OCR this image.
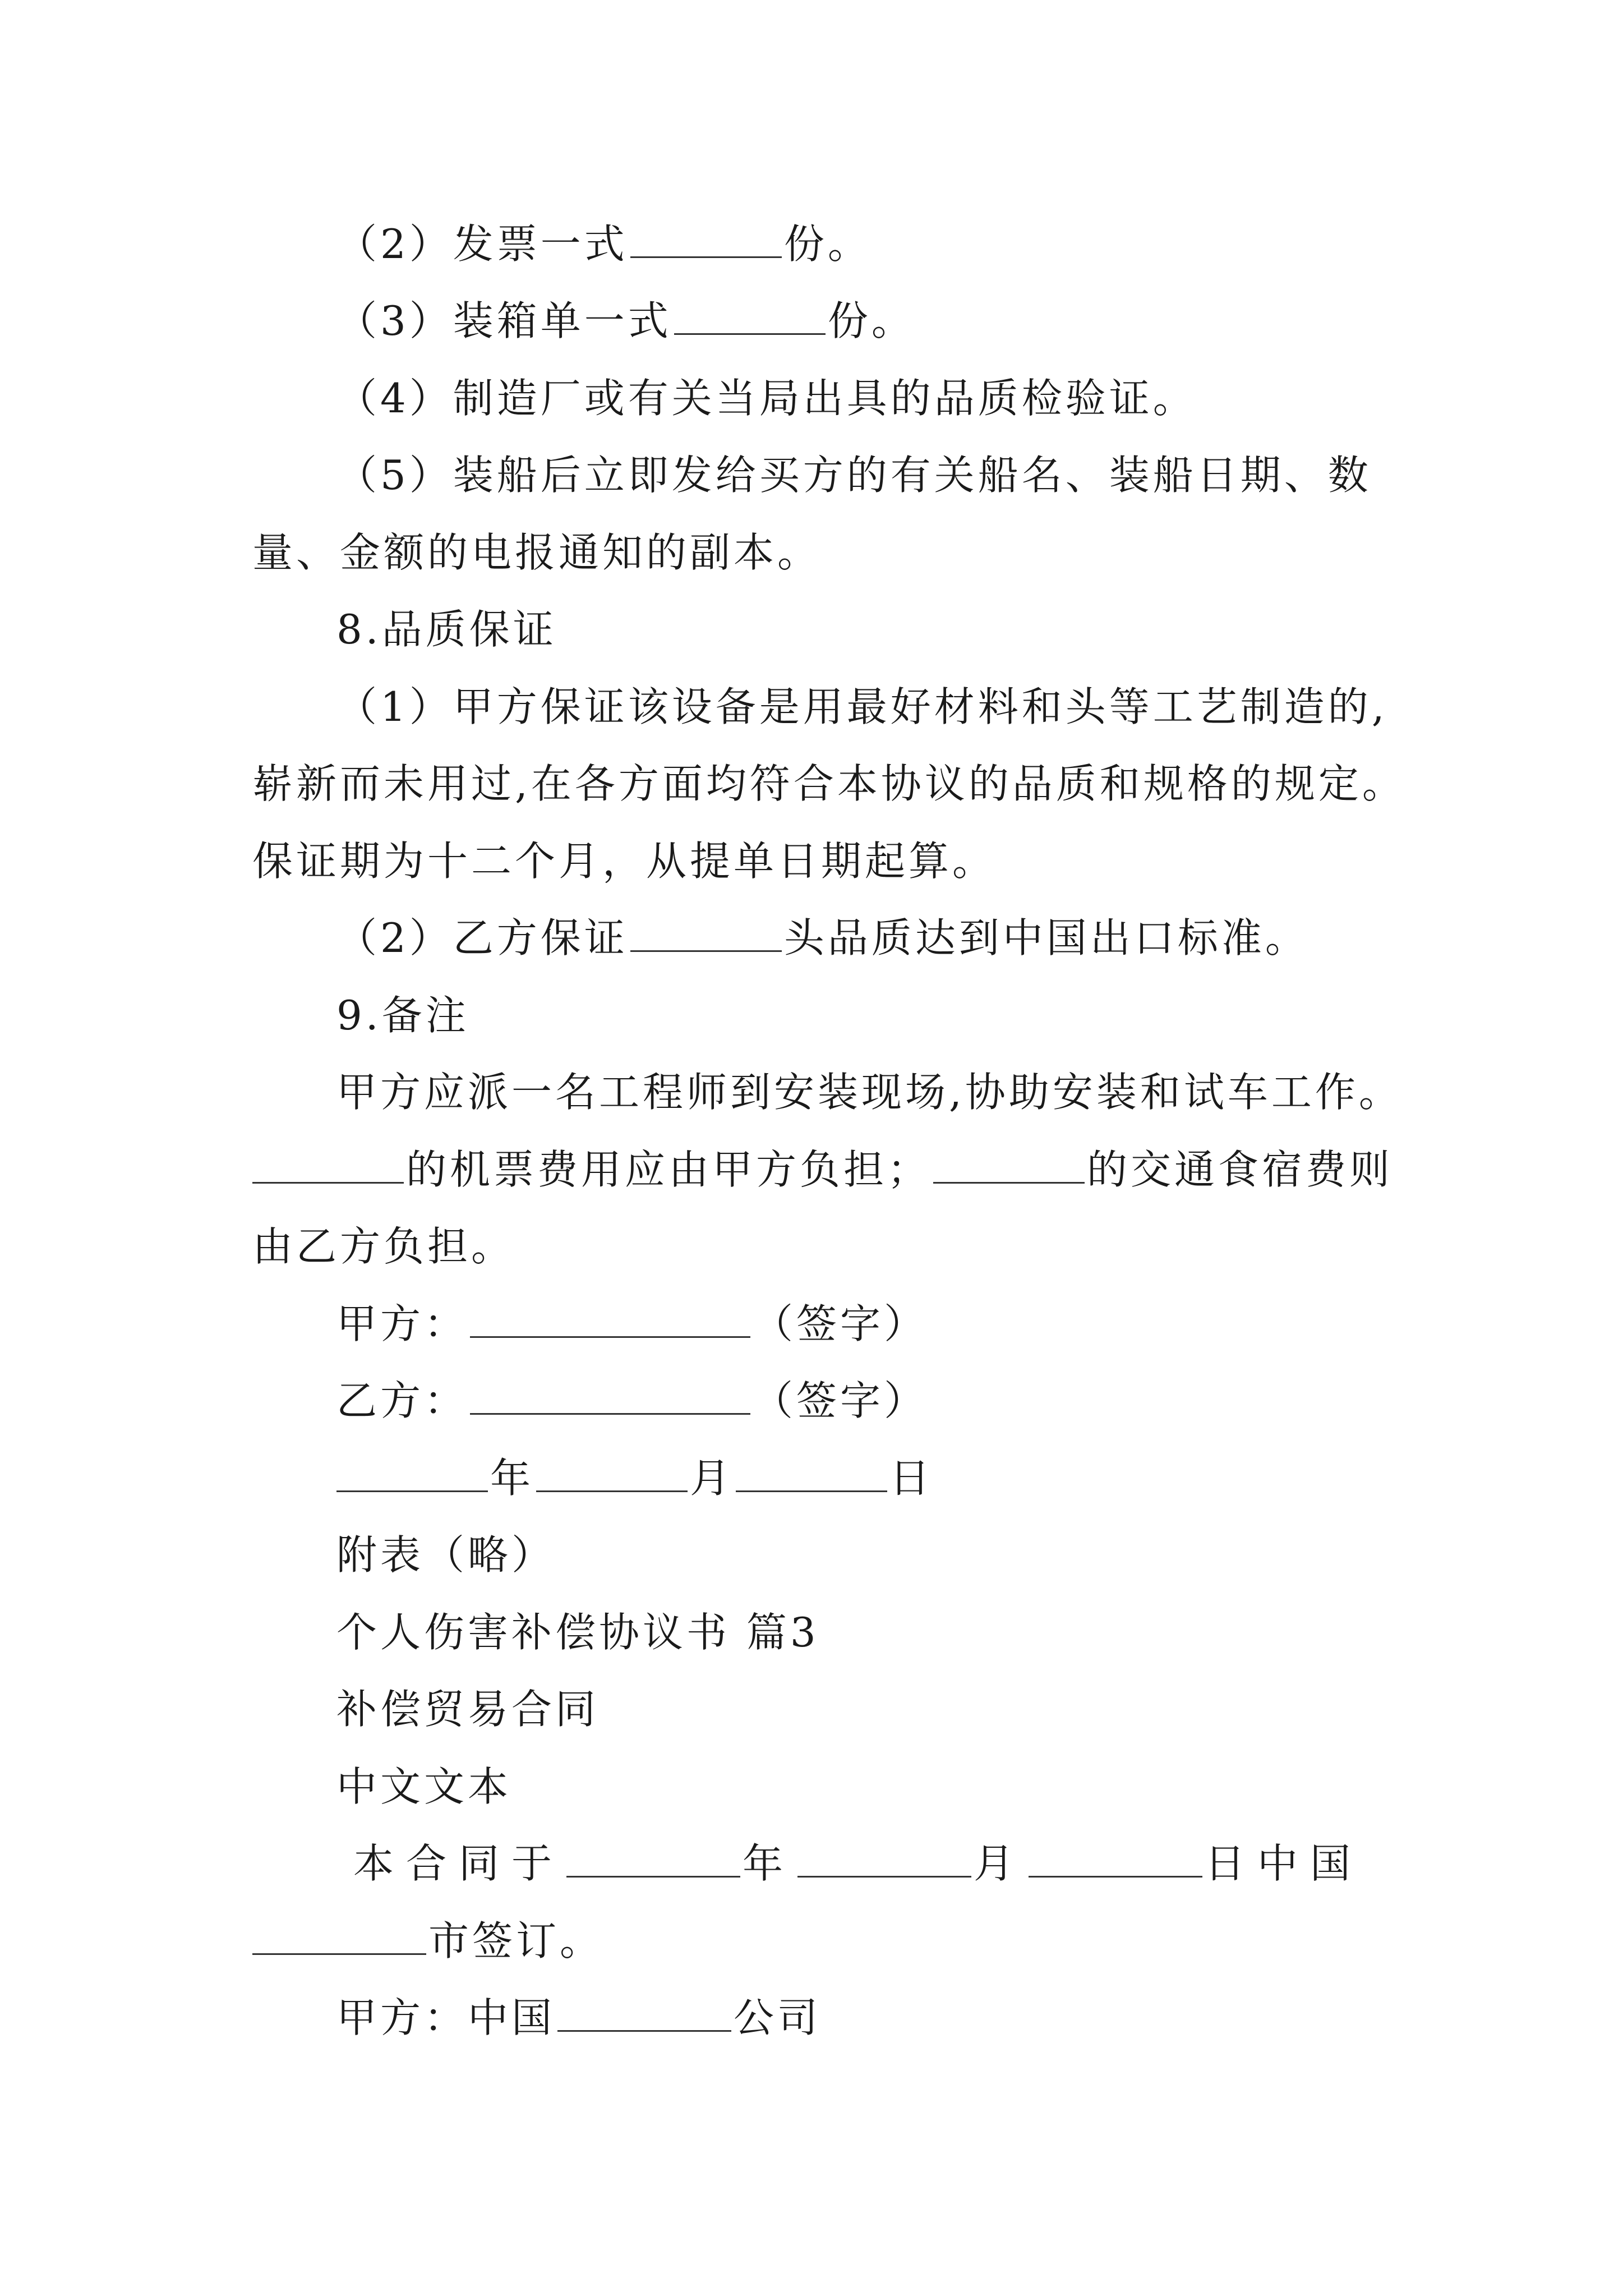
（2）发票一式	份。
（3）装箱单一式	份。
（4）制造厂或有关当局出具的品质检验证。
（5）装船后立即发给买方的有关船名、装船日期、数
量、金额的电报通知的副本。
8.品质保证
（1）甲方保证该设备是用最好材料和头等工艺制造的,
崭新而未用过,在各方面均符合本协议的品质和规格的规定。
保证期为十二个月，从提单日期起算。
（2）乙方保证	头品质达到中国出口标准。
9.备注
甲方应派一名工程师到安装现场,协助安装和试车工作。
的机票费用应由甲方负担；	的交通食宿费则
由乙方负担。
甲方：	（签字）
乙方：	（签字）
年	月	日
附表（略）
个人伤害补偿协议书 篇3
补偿贸易合同
中文文本
本合同于	年	月	日中国
市签订。
甲方：中国	公司
